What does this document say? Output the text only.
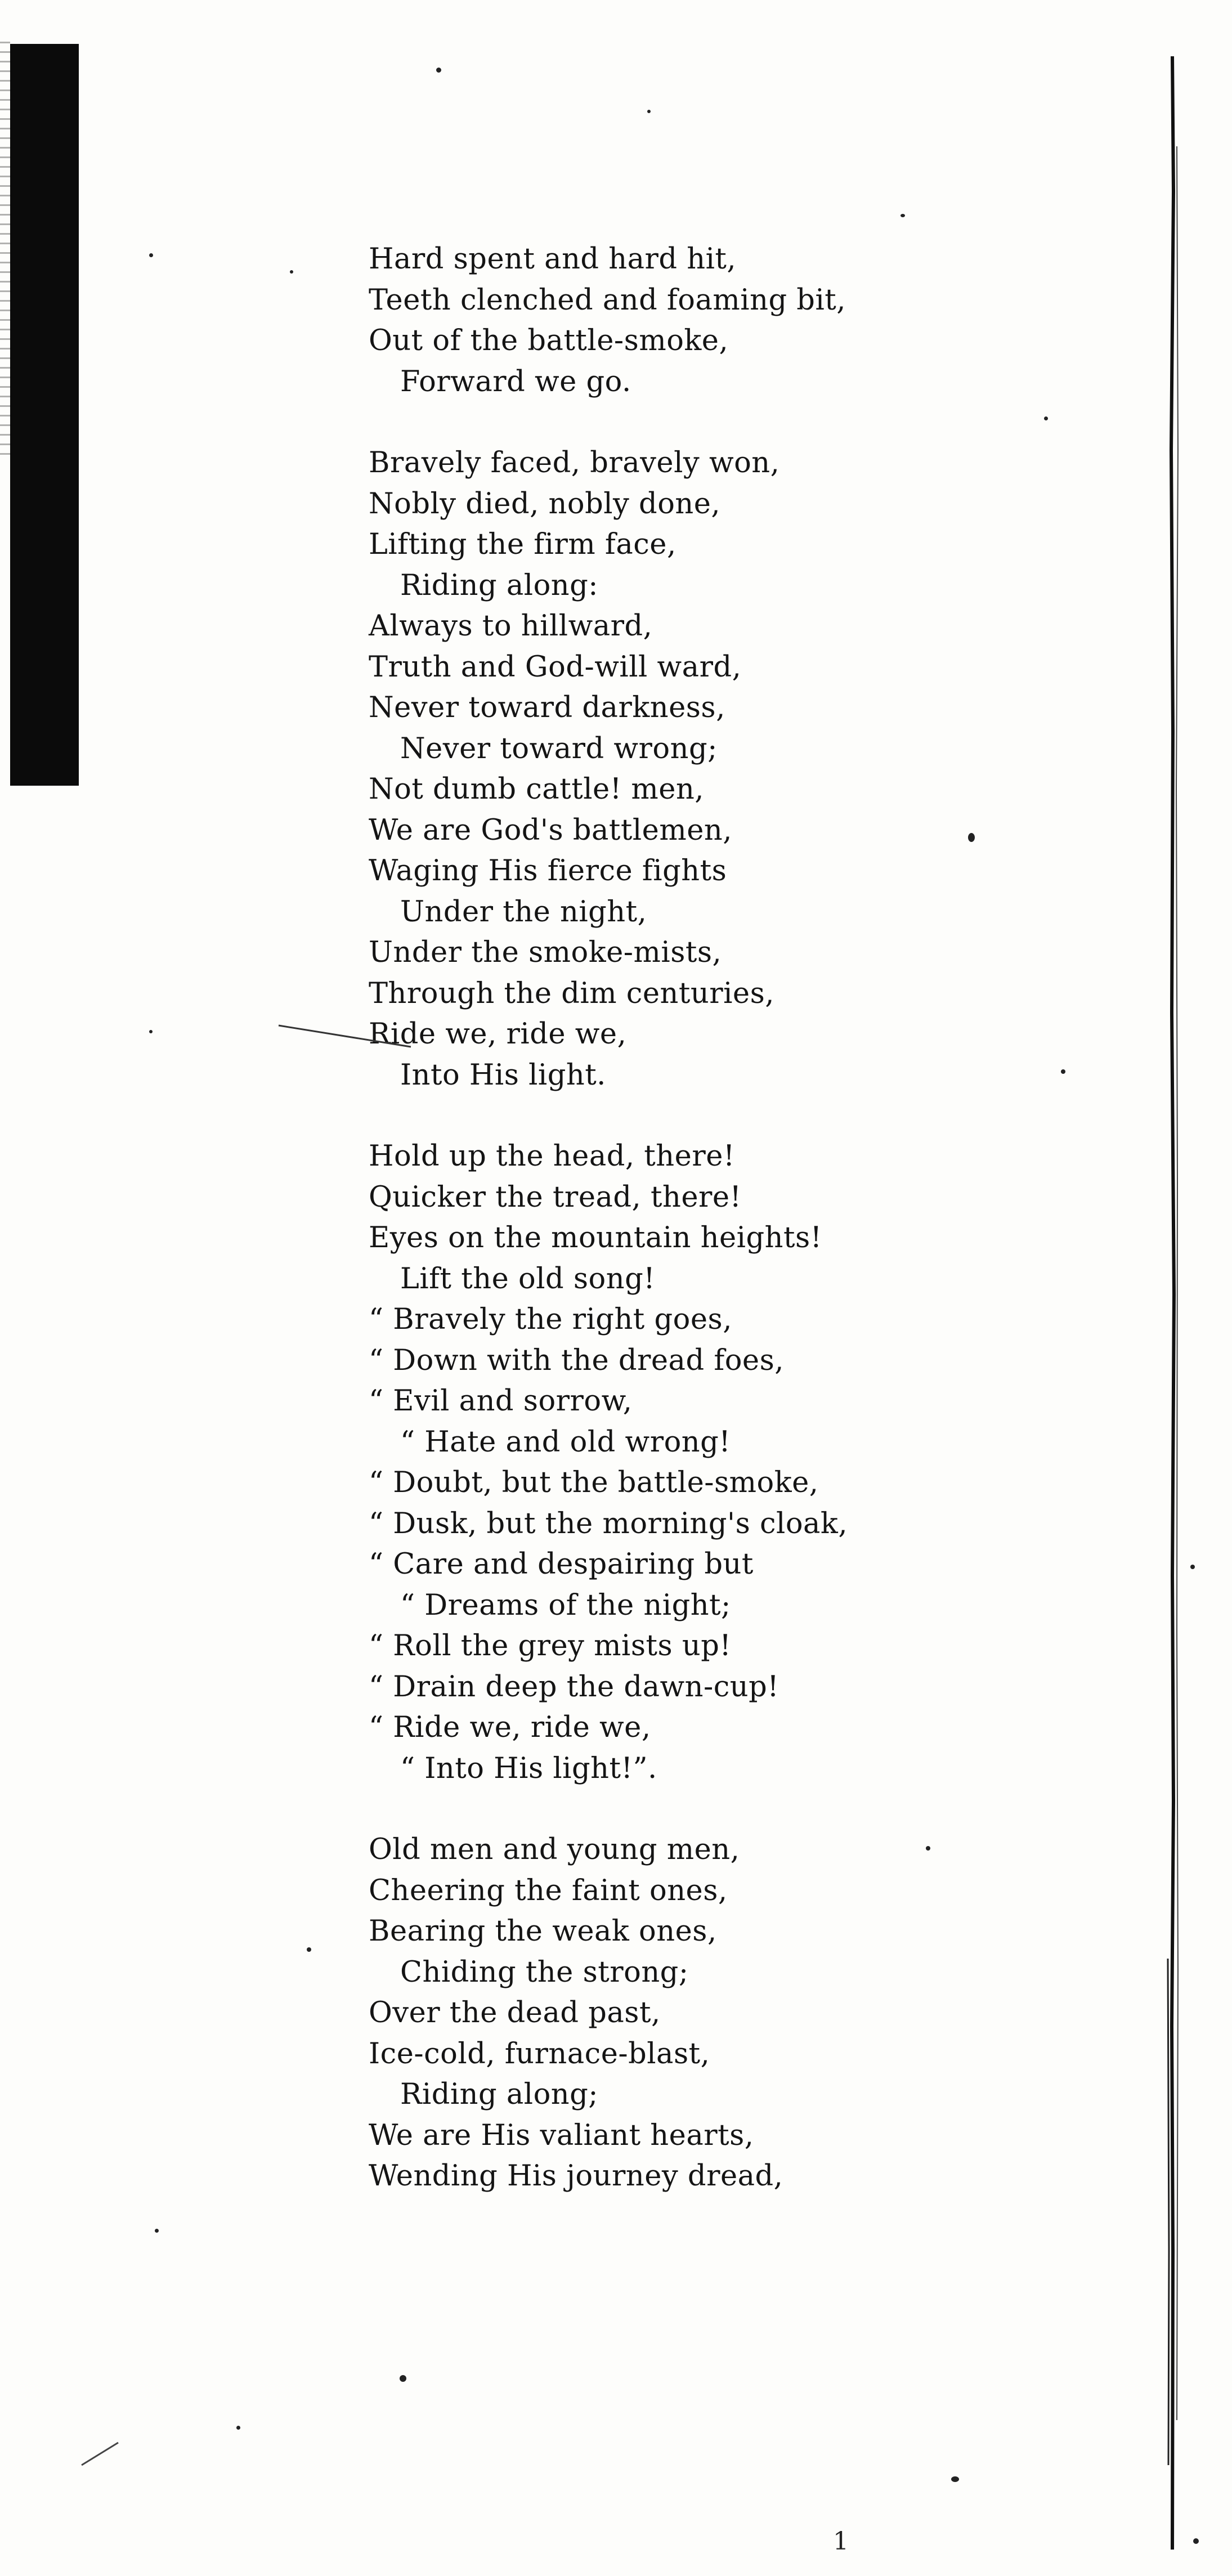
Hard spent and hard hit,
Teeth clenched and foaming bit,
Out of the battle-smoke,
Forward we go.
Bravely faced, bravely won,
Nobly died, nobly done,
Lifting the firm face,
Riding along:
Always to hillward,
Truth and God-will ward,
Never toward darkness,
Never toward wrong;
Not dumb cattle! men,
We are God's battlemen,
Waging His fierce fights
Under the night,
Under the smoke-mists,
Through the dim centuries,
Ride we, ride we,
Into His light.
Hold up the head, there!
Quicker the tread, there!
Eyes on the mountain heights!
Lift the old song!
“ Bravely the right goes,
“ Down with the dread foes,
“ Evil and sorrow,
“ Hate and old wrong!
“ Doubt, but the battle-smoke,
“ Dusk, but the morning's cloak,
“ Care and despairing but
“ Dreams of the night;
“ Roll the grey mists up!
“ Drain deep the dawn-cup!
“ Ride we, ride we,
“ Into His light!”.
Old men and young men,
Cheering the faint ones,
Bearing the weak ones,
Chiding the strong;
Over the dead past,
Ice-cold, furnace-blast,
Riding along;
We are His valiant hearts,
Wending His journey dread,
1
